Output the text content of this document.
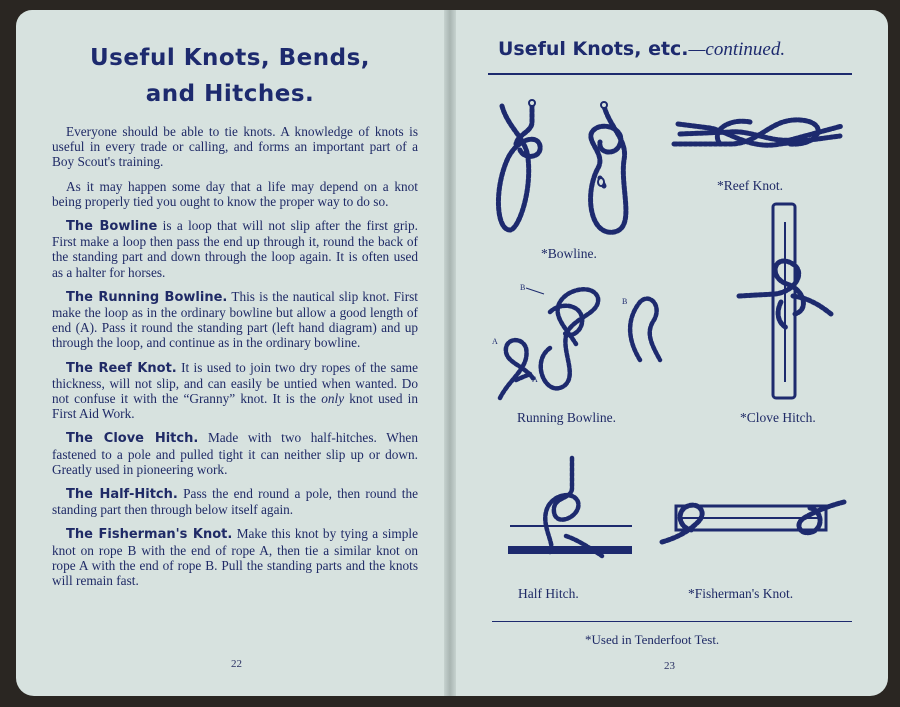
Useful Knots, Bends,
and Hitches.

Everyone should be able to tie knots. A knowledge of knots is useful in every trade or calling, and forms an important part of a Boy Scout's training.

As it may happen some day that a life may depend on a knot being properly tied you ought to know the proper way to do so.

The Bowline is a loop that will not slip after the first grip. First make a loop then pass the end up through it, round the back of the standing part and down through the loop again. It is often used as a halter for horses.

The Running Bowline. This is the nautical slip knot. First make the loop as in the ordinary bowline but allow a good length of end (A). Pass it round the standing part (left hand diagram) and up through the loop, and continue as in the ordinary bowline.

The Reef Knot. It is used to join two dry ropes of the same thickness, will not slip, and can easily be untied when wanted. Do not confuse it with the “Granny” knot. It is the only knot used in First Aid Work.

The Clove Hitch. Made with two half-hitches. When fastened to a pole and pulled tight it can neither slip up or down. Greatly used in pioneering work.

The Half-Hitch. Pass the end round a pole, then round the standing part then through below itself again.

The Fisherman's Knot. Make this knot by tying a simple knot on rope B with the end of rope A, then tie a similar knot on rope A with the end of rope B. Pull the standing parts and the knots will remain fast.

22
Useful Knots, etc.—continued.
*Bowline.
*Reef Knot.
B
B
A
A
Running Bowline.	*Clove Hitch.
Half Hitch.	*Fisherman's Knot.
*Used in Tenderfoot Test.
23
